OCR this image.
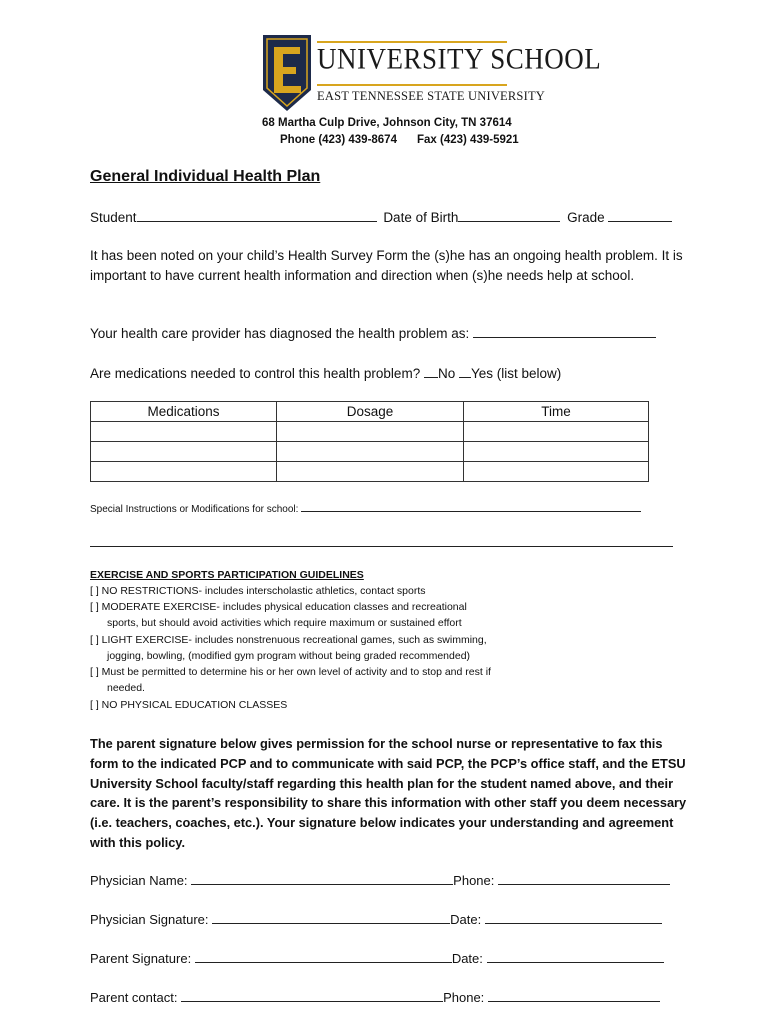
UNIVERSITY SCHOOL
EAST TENNESSEE STATE UNIVERSITY
68 Martha Culp Drive, Johnson City, TN 37614
Phone (423) 439-8674 Fax (423) 439-5921
General Individual Health Plan
Student	Date of Birth	Grade
It has been noted on your child’s Health Survey Form the (s)he has an ongoing health problem. It is important to have current health information and direction when (s)he needs help at school.
Your health care provider has diagnosed the health problem as:
Are medications needed to control this health problem? No Yes (list below)
Medications	Dosage	Time

Special Instructions or Modifications for school:
EXERCISE AND SPORTS PARTICIPATION GUIDELINES
[ ] NO RESTRICTIONS- includes interscholastic athletics, contact sports
[ ] MODERATE EXERCISE- includes physical education classes and recreational
sports, but should avoid activities which require maximum or sustained effort
[ ] LIGHT EXERCISE- includes nonstrenuous recreational games, such as swimming,
jogging, bowling, (modified gym program without being graded recommended)
[ ] Must be permitted to determine his or her own level of activity and to stop and rest if
needed.
[ ] NO PHYSICAL EDUCATION CLASSES
The parent signature below gives permission for the school nurse or representative to fax this form to the indicated PCP and to communicate with said PCP, the PCP’s office staff, and the ETSU University School faculty/staff regarding this health plan for the student named above, and their care. It is the parent’s responsibility to share this information with other staff you deem necessary (i.e. teachers, coaches, etc.). Your signature below indicates your understanding and agreement with this policy.
Physician Name:	Phone:
Physician Signature:	Date:
Parent Signature:	Date:
Parent contact:	Phone:
